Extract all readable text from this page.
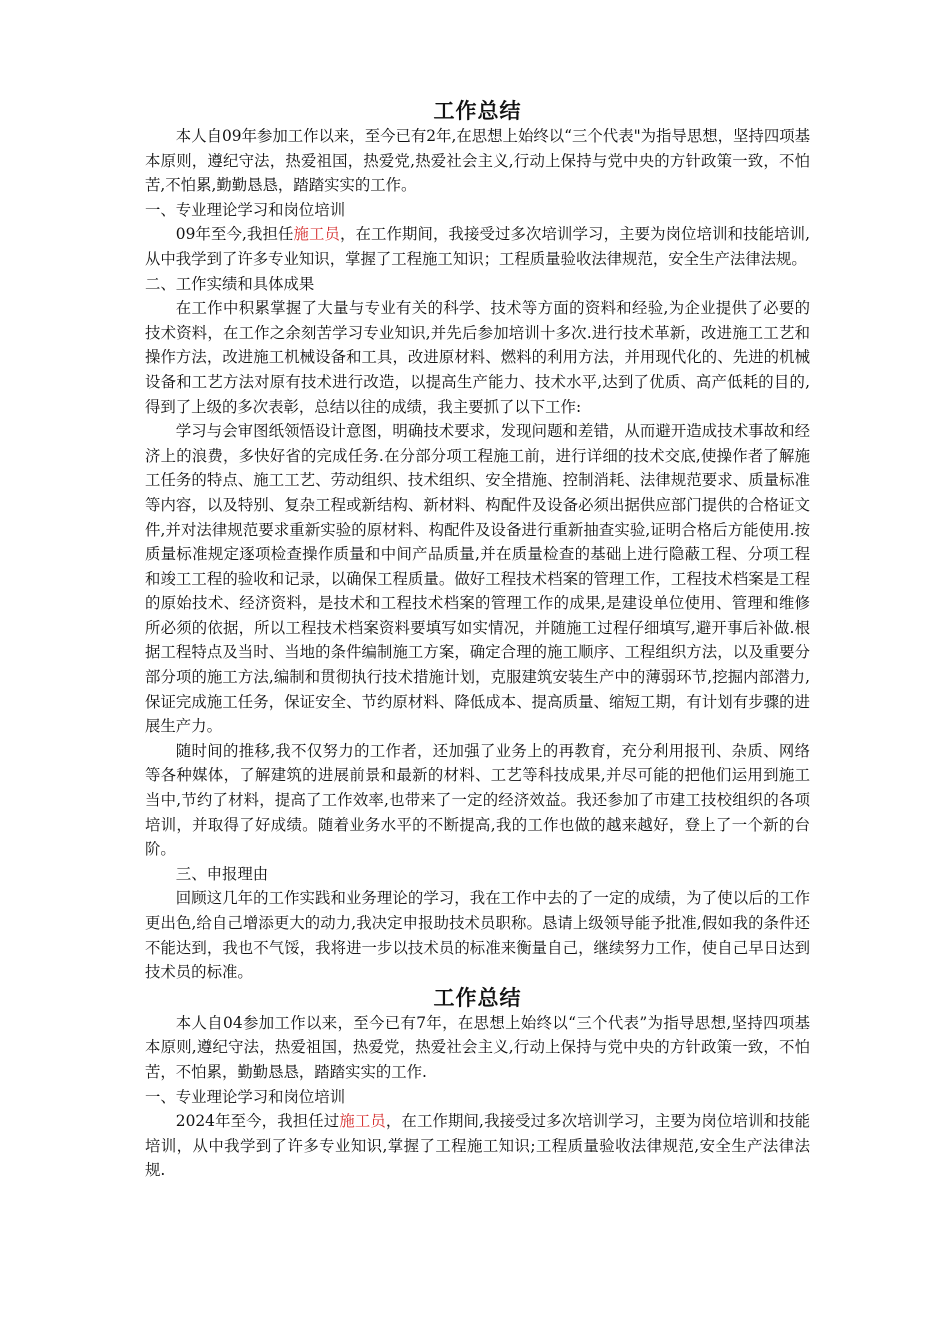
工作总结

本人自09年参加工作以来，至今已有2年,在思想上始终以“三个代表"为指导思想，坚持四项基本原则，遵纪守法，热爱祖国，热爱党,热爱社会主义,行动上保持与党中央的方针政策一致，不怕苦,不怕累,勤勤恳恳，踏踏实实的工作。

一、专业理论学习和岗位培训

09年至今,我担任施工员，在工作期间，我接受过多次培训学习，主要为岗位培训和技能培训,从中我学到了许多专业知识，掌握了工程施工知识；工程质量验收法律规范，安全生产法律法规。

二、工作实绩和具体成果

在工作中积累掌握了大量与专业有关的科学、技术等方面的资料和经验,为企业提供了必要的技术资料，在工作之余刻苦学习专业知识,并先后参加培训十多次.进行技术革新，改进施工工艺和操作方法，改进施工机械设备和工具，改进原材料、燃料的利用方法，并用现代化的、先进的机械设备和工艺方法对原有技术进行改造，以提高生产能力、技术水平,达到了优质、高产低耗的目的,得到了上级的多次表彰，总结以往的成绩，我主要抓了以下工作:

学习与会审图纸领悟设计意图，明确技术要求，发现问题和差错，从而避开造成技术事故和经济上的浪费，多快好省的完成任务.在分部分项工程施工前，进行详细的技术交底,使操作者了解施工任务的特点、施工工艺、劳动组织、技术组织、安全措施、控制消耗、法律规范要求、质量标准等内容，以及特别、复杂工程或新结构、新材料、构配件及设备必须出据供应部门提供的合格证文件,并对法律规范要求重新实验的原材料、构配件及设备进行重新抽查实验,证明合格后方能使用.按质量标准规定逐项检查操作质量和中间产品质量,并在质量检查的基础上进行隐蔽工程、分项工程和竣工工程的验收和记录，以确保工程质量。做好工程技术档案的管理工作，工程技术档案是工程的原始技术、经济资料，是技术和工程技术档案的管理工作的成果,是建设单位使用、管理和维修所必须的依据，所以工程技术档案资料要填写如实情况，并随施工过程仔细填写,避开事后补做.根据工程特点及当时、当地的条件编制施工方案，确定合理的施工顺序、工程组织方法，以及重要分部分项的施工方法,编制和贯彻执行技术措施计划，克服建筑安装生产中的薄弱环节,挖掘内部潜力,保证完成施工任务，保证安全、节约原材料、降低成本、提高质量、缩短工期，有计划有步骤的进展生产力。

随时间的推移,我不仅努力的工作者，还加强了业务上的再教育，充分利用报刊、杂质、网络等各种媒体，了解建筑的进展前景和最新的材料、工艺等科技成果,并尽可能的把他们运用到施工当中,节约了材料，提高了工作效率,也带来了一定的经济效益。我还参加了市建工技校组织的各项培训，并取得了好成绩。随着业务水平的不断提高,我的工作也做的越来越好，登上了一个新的台阶。

三、申报理由

回顾这几年的工作实践和业务理论的学习，我在工作中去的了一定的成绩，为了使以后的工作更出色,给自己增添更大的动力,我决定申报助技术员职称。恳请上级领导能予批准,假如我的条件还不能达到，我也不气馁，我将进一步以技术员的标准来衡量自己，继续努力工作，使自己早日达到技术员的标准。

工作总结

本人自04参加工作以来，至今已有7年，在思想上始终以“三个代表”为指导思想,坚持四项基本原则,遵纪守法，热爱祖国，热爱党，热爱社会主义,行动上保持与党中央的方针政策一致，不怕苦，不怕累，勤勤恳恳，踏踏实实的工作.

一、专业理论学习和岗位培训

2024年至今，我担任过施工员，在工作期间,我接受过多次培训学习，主要为岗位培训和技能培训，从中我学到了许多专业知识,掌握了工程施工知识;工程质量验收法律规范,安全生产法律法规.
